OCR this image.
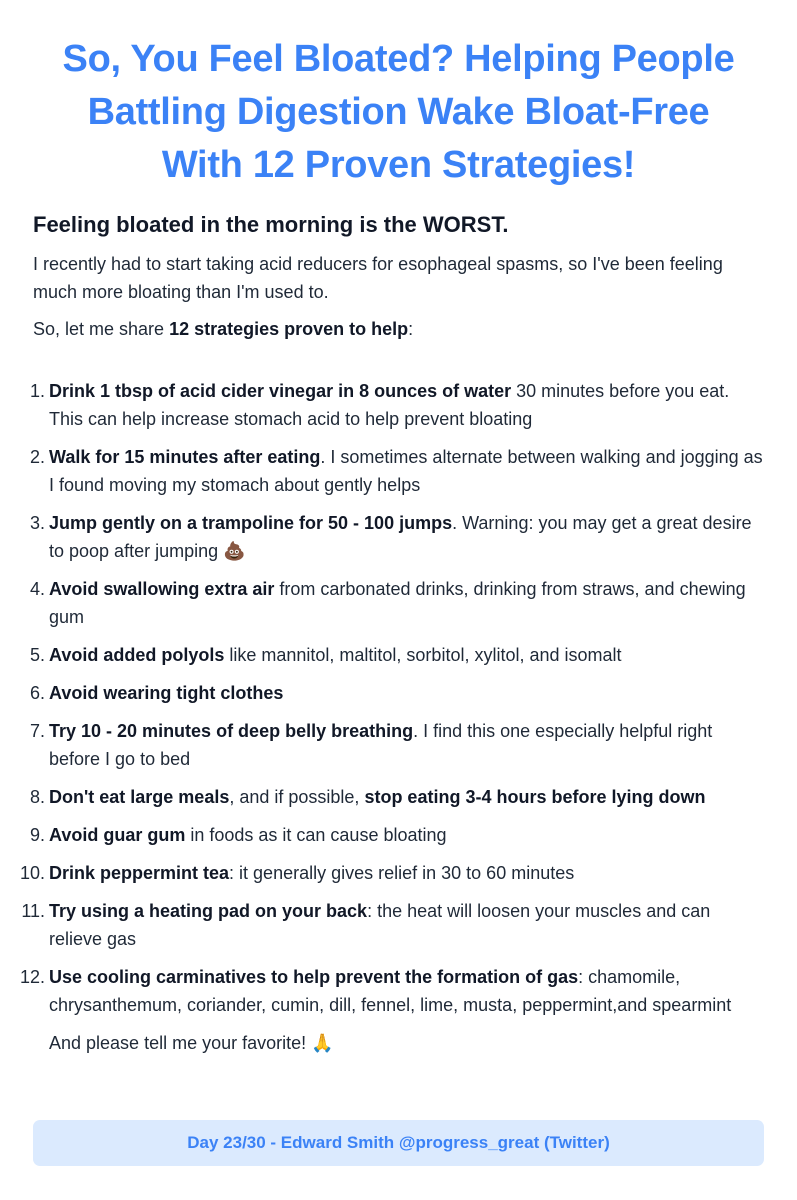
So, You Feel Bloated? Helping People
Battling Digestion Wake Bloat-Free
With 12 Proven Strategies!
Feeling bloated in the morning is the WORST.

I recently had to start taking acid reducers for esophageal spasms, so I've been feeling much more bloating than I'm used to.

So, let me share 12 strategies proven to help:

1. Drink 1 tbsp of acid cider vinegar in 8 ounces of water 30 minutes before you eat. This can help increase stomach acid to help prevent bloating
2. Walk for 15 minutes after eating. I sometimes alternate between walking and jogging as I found moving my stomach about gently helps
3. Jump gently on a trampoline for 50 - 100 jumps. Warning: you may get a great desire to poop after jumping 💩
4. Avoid swallowing extra air from carbonated drinks, drinking from straws, and chewing gum
5. Avoid added polyols like mannitol, maltitol, sorbitol, xylitol, and isomalt
6. Avoid wearing tight clothes
7. Try 10 - 20 minutes of deep belly breathing. I find this one especially helpful right before I go to bed
8. Don't eat large meals, and if possible, stop eating 3-4 hours before lying down
9. Avoid guar gum in foods as it can cause bloating
10. Drink peppermint tea: it generally gives relief in 30 to 60 minutes
11. Try using a heating pad on your back: the heat will loosen your muscles and can relieve gas
12. Use cooling carminatives to help prevent the formation of gas: chamomile, chrysanthemum, coriander, cumin, dill, fennel, lime, musta, peppermint,and spearmint

And please tell me your favorite! 🙏

Day 23/30 - Edward Smith @progress_great (Twitter)
